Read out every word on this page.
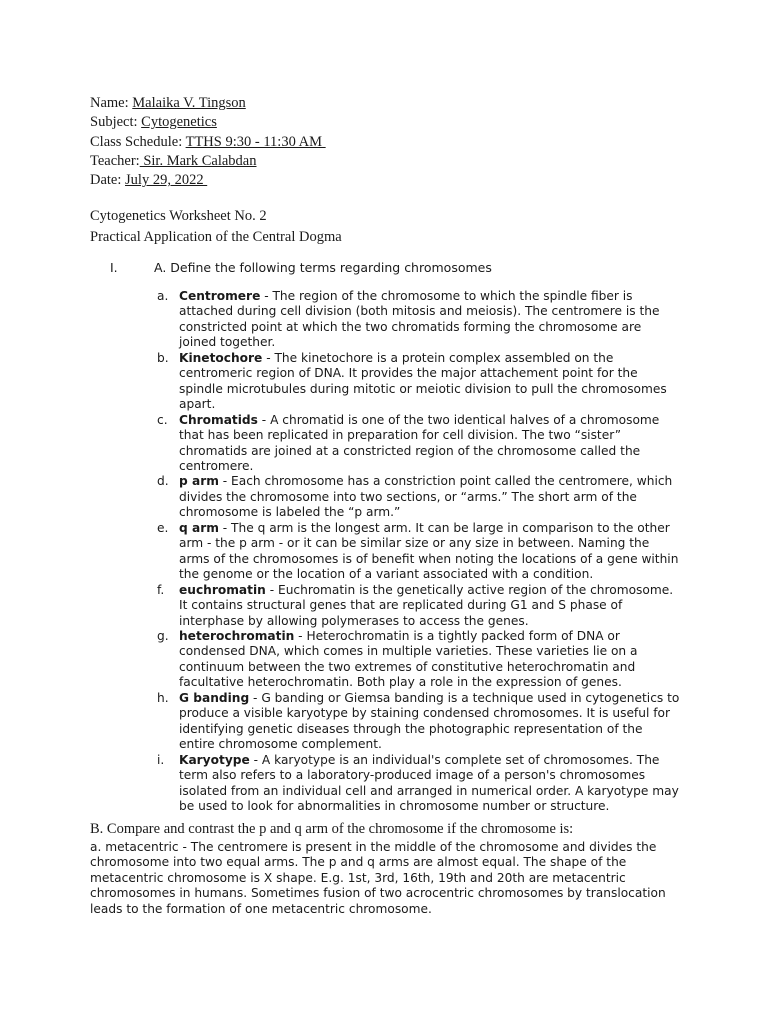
Name: Malaika V. Tingson
Subject: Cytogenetics
Class Schedule: TTHS 9:30 - 11:30 AM
Teacher: Sir. Mark Calabdan
Date: July 29, 2022
Cytogenetics Worksheet No. 2
Practical Application of the Central Dogma
I.	A. Define the following terms regarding chromosomes
a. Centromere - The region of the chromosome to which the spindle fiber is attached during cell division (both mitosis and meiosis). The centromere is the constricted point at which the two chromatids forming the chromosome are joined together.
b. Kinetochore - The kinetochore is a protein complex assembled on the centromeric region of DNA. It provides the major attachement point for the spindle microtubules during mitotic or meiotic division to pull the chromosomes apart.
c. Chromatids - A chromatid is one of the two identical halves of a chromosome that has been replicated in preparation for cell division. The two “sister” chromatids are joined at a constricted region of the chromosome called the centromere.
d. p arm - Each chromosome has a constriction point called the centromere, which divides the chromosome into two sections, or “arms.” The short arm of the chromosome is labeled the “p arm.”
e. q arm - The q arm is the longest arm. It can be large in comparison to the other arm - the p arm - or it can be similar size or any size in between. Naming the arms of the chromosomes is of benefit when noting the locations of a gene within the genome or the location of a variant associated with a condition.
f.	euchromatin - Euchromatin is the genetically active region of the chromosome. It contains structural genes that are replicated during G1 and S phase of interphase by allowing polymerases to access the genes.
g. heterochromatin - Heterochromatin is a tightly packed form of DNA or condensed DNA, which comes in multiple varieties. These varieties lie on a continuum between the two extremes of constitutive heterochromatin and facultative heterochromatin. Both play a role in the expression of genes.
h. G banding - G banding or Giemsa banding is a technique used in cytogenetics to produce a visible karyotype by staining condensed chromosomes. It is useful for identifying genetic diseases through the photographic representation of the entire chromosome complement.
i.	Karyotype - A karyotype is an individual's complete set of chromosomes. The term also refers to a laboratory-produced image of a person's chromosomes isolated from an individual cell and arranged in numerical order. A karyotype may be used to look for abnormalities in chromosome number or structure.
B. Compare and contrast the p and q arm of the chromosome if the chromosome is:
a. metacentric - The centromere is present in the middle of the chromosome and divides the chromosome into two equal arms. The p and q arms are almost equal. The shape of the metacentric chromosome is X shape. E.g. 1st, 3rd, 16th, 19th and 20th are metacentric chromosomes in humans. Sometimes fusion of two acrocentric chromosomes by translocation leads to the formation of one metacentric chromosome.
